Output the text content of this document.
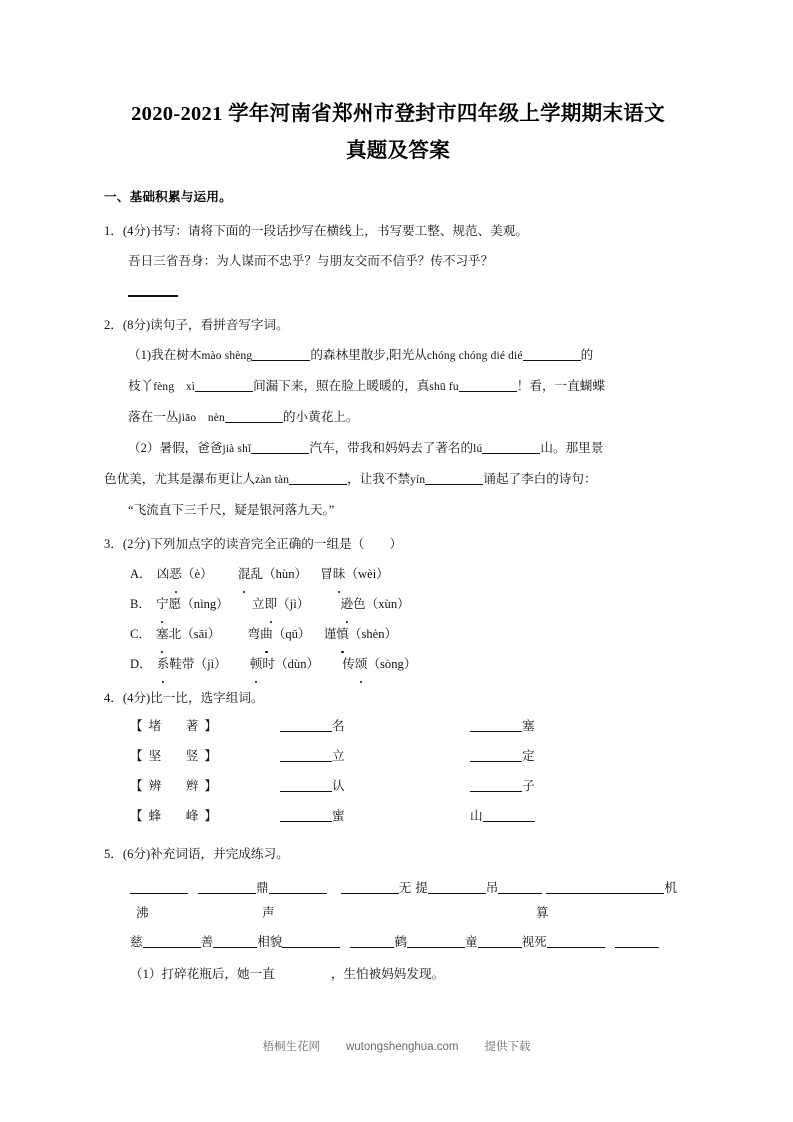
2020-2021 学年河南省郑州市登封市四年级上学期期末语文
真题及答案
一、基础积累与运用。
1．(4分)书写：请将下面的一段话抄写在横线上，书写要工整、规范、美观。
吾日三省吾身：为人谋而不忠乎？与朋友交而不信乎？传不习乎？
2．(8分)读句子，看拼音写字词。
（1)我在树木mào shèng	的森林里散步,阳光从chóng chóng dié dié	的
枝丫fèng　xì	间漏下来，照在脸上暖暖的，真shū fu	！看，一直蝴蝶
落在一丛jiāo　nèn	的小黄花上。
（2）暑假，爸爸jià shǐ	汽车，带我和妈妈去了著名的lú	山。那里景
色优美，尤其是瀑布更让人zàn tàn	，让我不禁yín	诵起了李白的诗句：
“飞流直下三千尺，疑是银河落九天。”
3．(2分)下列加点字的读音完全正确的一组是（　　）
A． 凶恶（è） 混乱（hùn） 冒昧（wèi）
B． 宁愿（nìng） 立即（jì） 逊色（xùn）
C． 塞北（sāi） 弯曲（qū） 谨慎（shèn）
D． 系鞋带（jì） 顿时（dùn） 传颂（sòng）
4．(4分)比一比，选字组词。
【堵　著】	名	塞
【坚　竖】	立	定
【辨　辫】	认	子
【蜂　峰】	蜜	山
5．(6分)补充词语，并完成练习。
鼎	无 提	吊	机
沸	声	算
慈	善	相貌	鹤	童	视死
（1）打碎花瓶后，她一直	，生怕被妈妈发现。
梧桐生花网 wutongshenghua.com 提供下载
